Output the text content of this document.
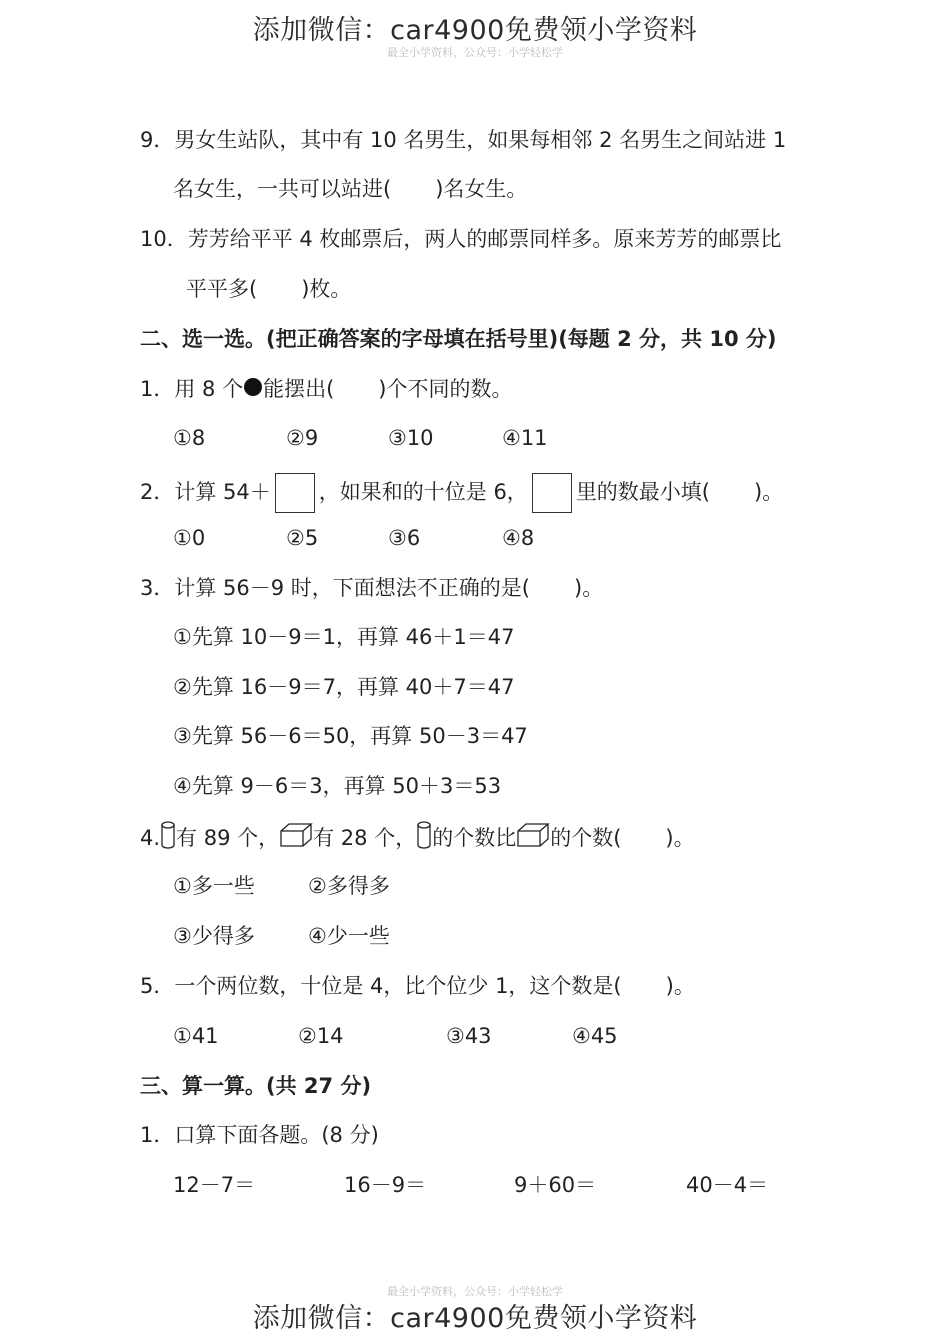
添加微信：car4900免费领小学资料
最全小学资料，公众号：小学轻松学
9．男女生站队，其中有 10 名男生，如果每相邻 2 名男生之间站进 1
名女生，一共可以站进( )名女生。
10．芳芳给平平 4 枚邮票后，两人的邮票同样多。原来芳芳的邮票比
平平多( )枚。
二、选一选。(把正确答案的字母填在括号里)(每题 2 分，共 10 分)
1．用 8 个 能摆出( )个不同的数。
①8	②9	③10	④11
2．计算 54＋ ，如果和的十位是 6， 里的数最小填( )。
①0	②5	③6	④8
3．计算 56－9 时，下面想法不正确的是( )。
①先算 10－9＝1，再算 46＋1＝47
②先算 16－9＝7，再算 40＋7＝47
③先算 56－6＝50，再算 50－3＝47
④先算 9－6＝3，再算 50＋3＝53
4. 有 89 个， 有 28 个， 的个数比 的个数( )。
①多一些	②多得多
③少得多	④少一些
5．一个两位数，十位是 4，比个位少 1，这个数是( )。
①41	②14	③43	④45
三、算一算。(共 27 分)
1．口算下面各题。(8 分)
12－7＝	16－9＝	9＋60＝	40－4＝
最全小学资料，公众号：小学轻松学
添加微信：car4900免费领小学资料
